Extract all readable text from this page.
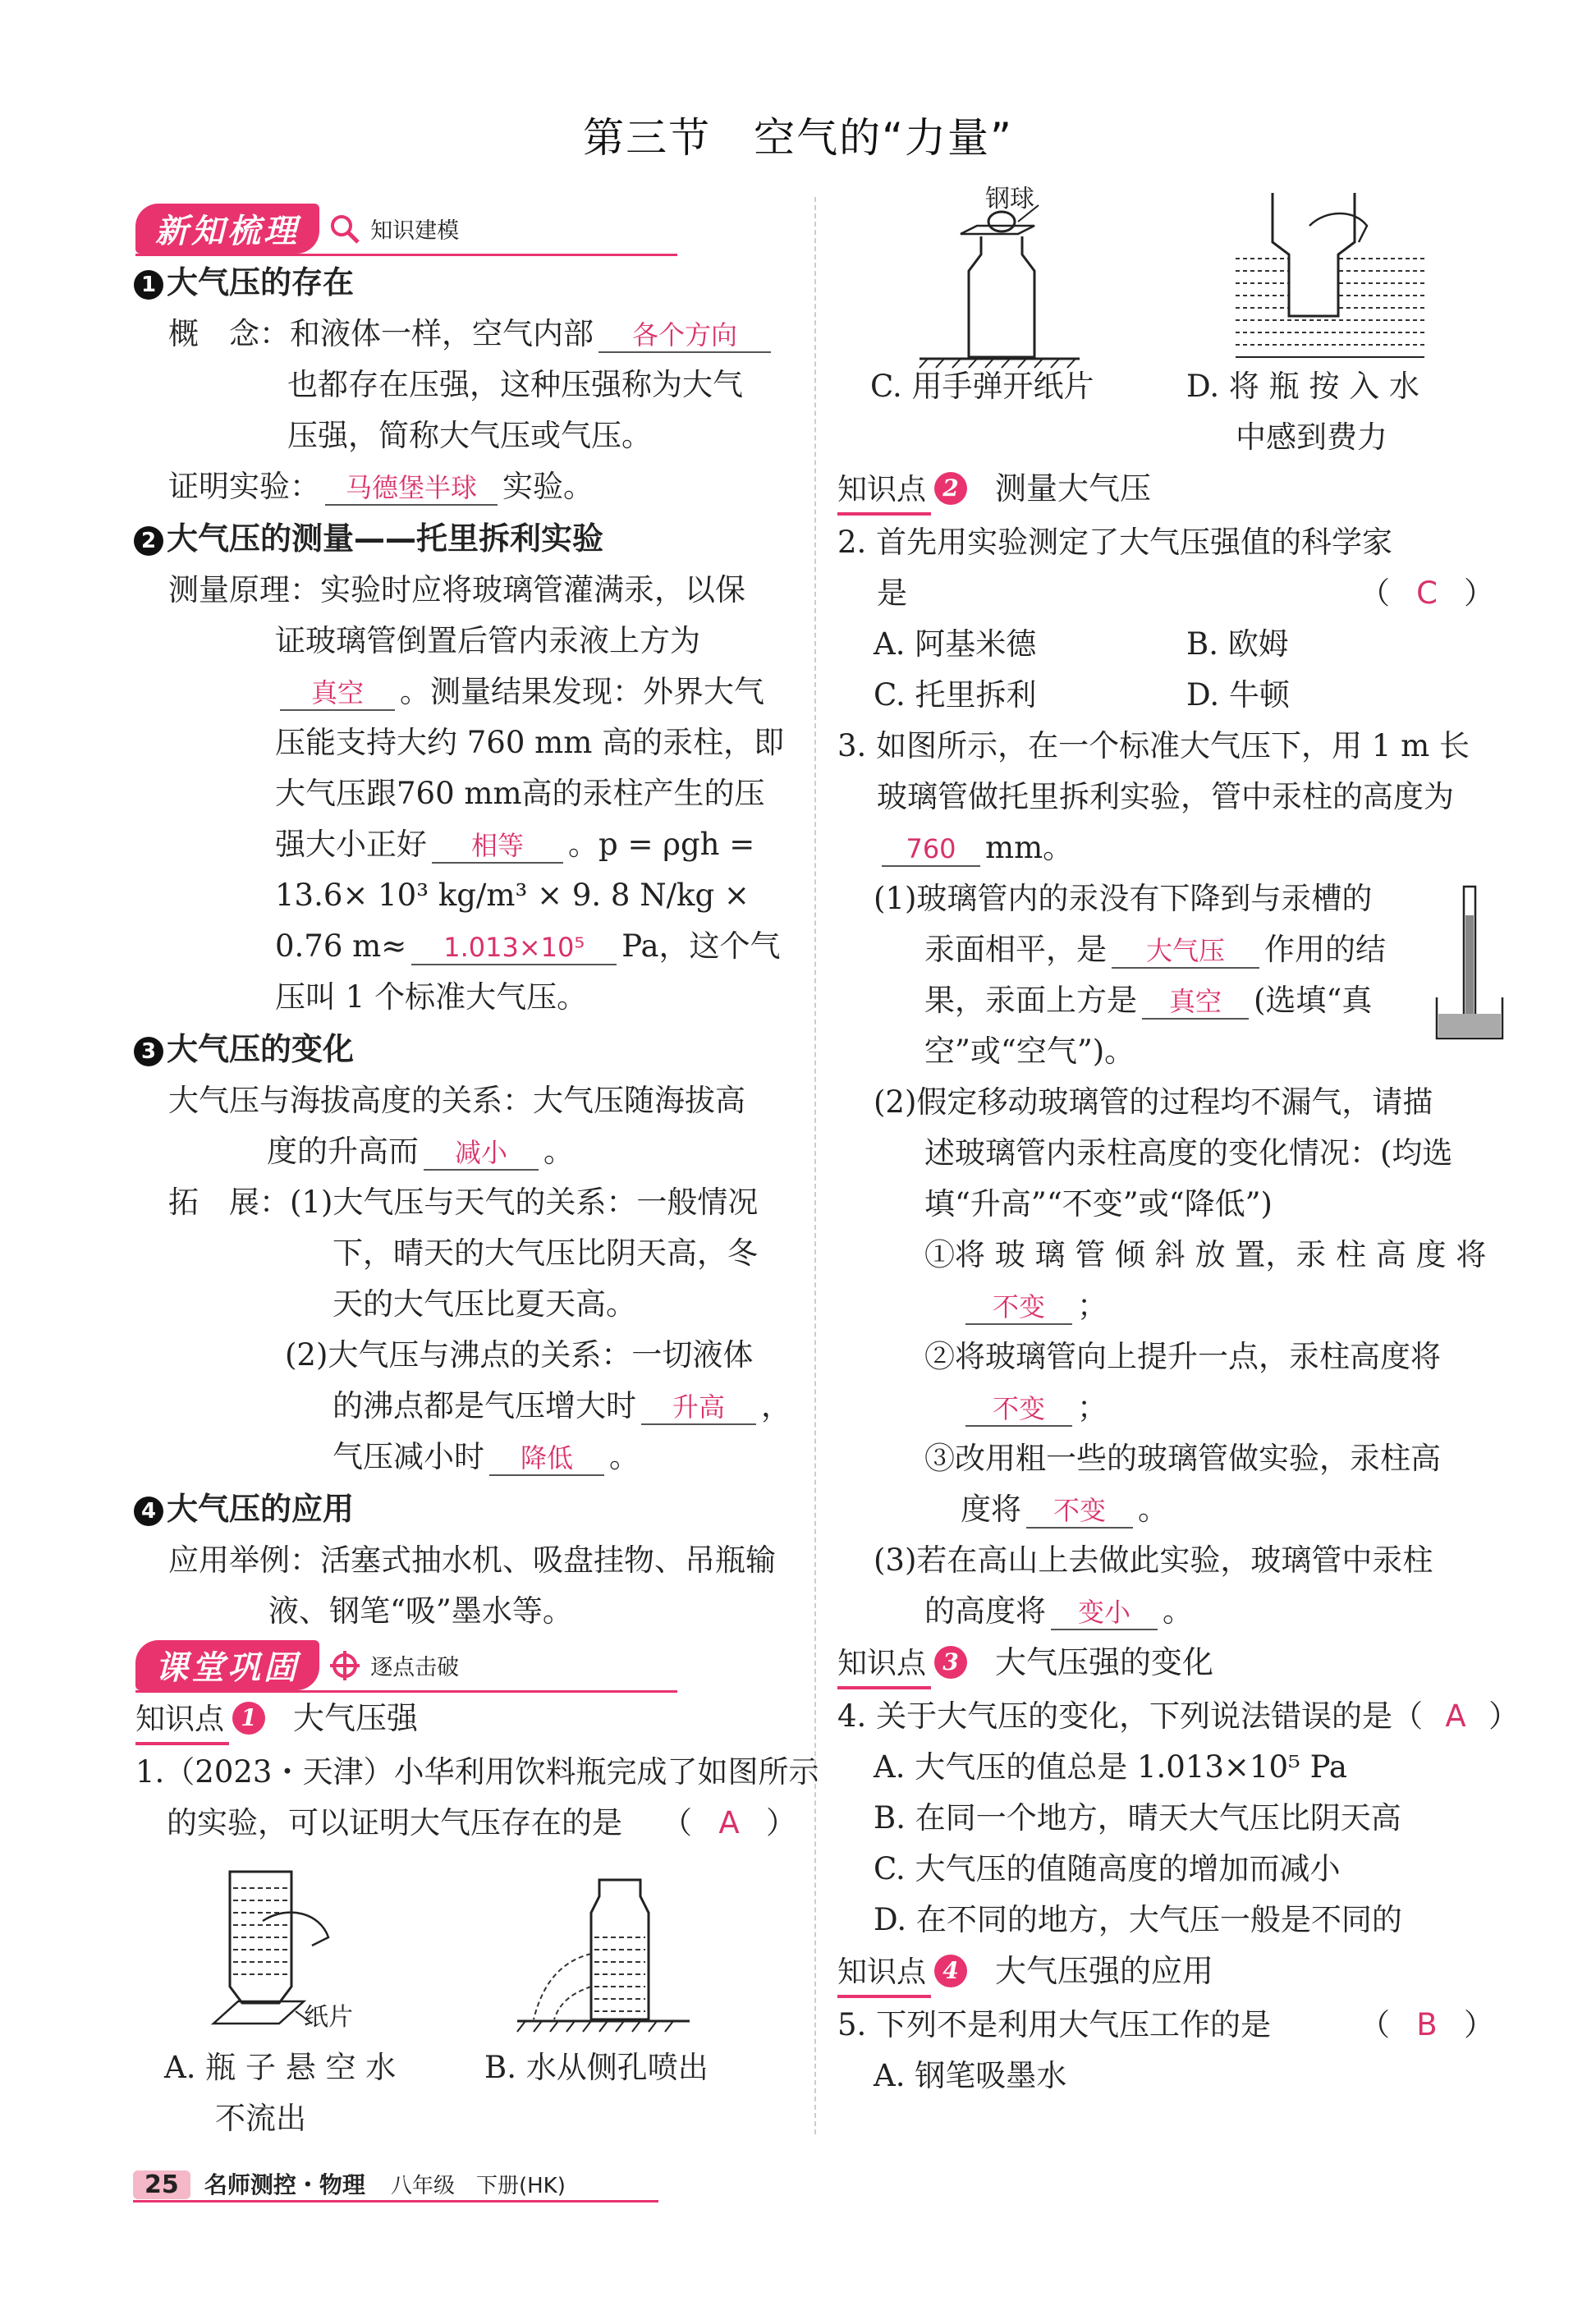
第三节　空气的“力量”
新知梳理	知识建模
1 大气压的存在
概　念：和液体一样，空气内部 各个方向
也都存在压强，这种压强称为大气
压强，简称大气压或气压。
证明实验： 马德堡半球 实验。
2 大气压的测量——托里拆利实验
测量原理：实验时应将玻璃管灌满汞，以保
证玻璃管倒置后管内汞液上方为
真空 。测量结果发现：外界大气
压能支持大约 760 mm 高的汞柱，即
大气压跟760 mm高的汞柱产生的压
强大小正好 相等 。p = ρgh =
13.6× 10³ kg/m³ × 9. 8 N/kg ×
0.76 m≈ 1.013×10⁵ Pa，这个气
压叫 1 个标准大气压。
3 大气压的变化
大气压与海拔高度的关系：大气压随海拔高
度的升高而 减小 。
拓　展：(1)大气压与天气的关系：一般情况
下，晴天的大气压比阴天高，冬
天的大气压比夏天高。
(2)大气压与沸点的关系：一切液体
的沸点都是气压增大时 升高 ，
气压减小时 降低 。
4 大气压的应用
应用举例：活塞式抽水机、吸盘挂物、吊瓶输
液、钢笔“吸”墨水等。
课堂巩固	逐点击破
知识点 1 大气压强
1.（2023・天津）小华利用饮料瓶完成了如图所示
的实验，可以证明大气压存在的是 （ A ）
纸片
A. 瓶 子 悬 空 水
不流出
B. 水从侧孔喷出
钢球
C. 用手弹开纸片	D. 将 瓶 按 入 水
中感到费力
知识点 2 测量大气压
2. 首先用实验测定了大气压强值的科学家
是	（ C ）
A. 阿基米德	B. 欧姆
C. 托里拆利	D. 牛顿
3. 如图所示，在一个标准大气压下，用 1 m 长
玻璃管做托里拆利实验，管中汞柱的高度为
760 mm。
(1)玻璃管内的汞没有下降到与汞槽的
汞面相平，是 大气压 作用的结
果，汞面上方是 真空 (选填“真
空”或“空气”)。
(2)假定移动玻璃管的过程均不漏气，请描
述玻璃管内汞柱高度的变化情况：(均选
填“升高”“不变”或“降低”)
①将 玻 璃 管 倾 斜 放 置，汞 柱 高 度 将
不变 ；
②将玻璃管向上提升一点，汞柱高度将
不变 ；
③改用粗一些的玻璃管做实验，汞柱高
度将 不变 。
(3)若在高山上去做此实验，玻璃管中汞柱
的高度将 变小 。
知识点 3 大气压强的变化
4. 关于大气压的变化，下列说法错误的是（ A ）
A. 大气压的值总是 1.013×10⁵ Pa
B. 在同一个地方，晴天大气压比阴天高
C. 大气压的值随高度的增加而减小
D. 在不同的地方，大气压一般是不同的
知识点 4 大气压强的应用
5. 下列不是利用大气压工作的是	（ B ）
A. 钢笔吸墨水
25 名师测控・物理 八年级　下册(HK)
